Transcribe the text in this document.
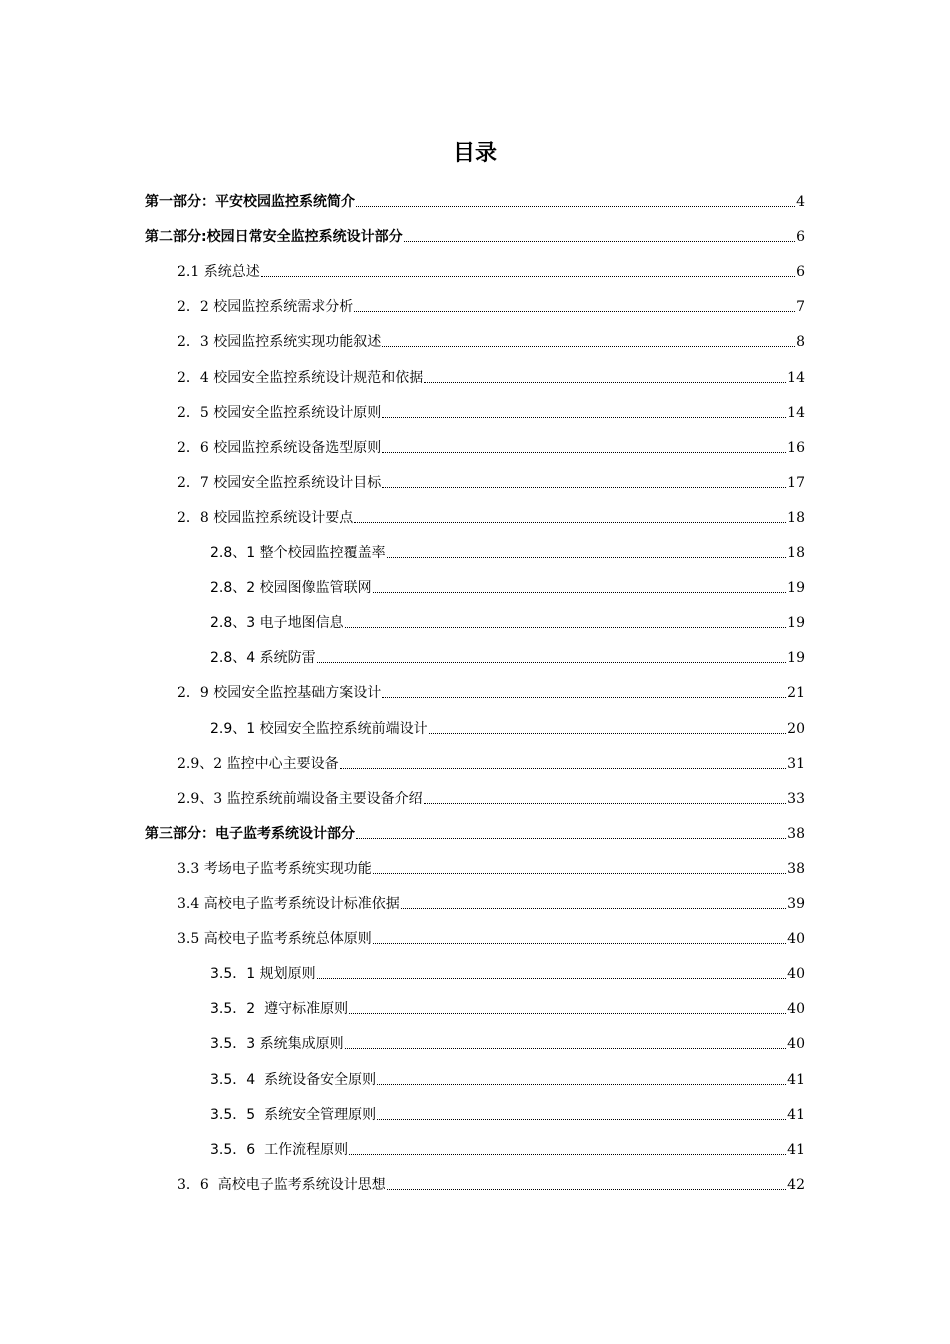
目录
第一部分： 平安校园监控系统简介	4
第二部分: 校园日常安全监控系统设计部分	6
2.1 系统总述	6
2．2 校园监控系统需求分析	7
2．3 校园监控系统实现功能叙述	8
2．4 校园安全监控系统设计规范和依据	14
2．5 校园安全监控系统设计原则	14
2．6 校园监控系统设备选型原则	16
2．7 校园安全监控系统设计目标	17
2．8 校园监控系统设计要点	18
2.8、1 整个校园监控覆盖率	18
2.8、2 校园图像监管联网	19
2.8、3 电子地图信息	19
2.8、4 系统防雷	19
2．9 校园安全监控基础方案设计	21
2.9、1 校园安全监控系统前端设计	20
2.9、2 监控中心主要设备	31
2.9、3 监控系统前端设备主要设备介绍	33
第三部分： 电子监考系统设计部分	38
3.3 考场电子监考系统实现功能	38
3.4 高校电子监考系统设计标准依据	39
3.5 高校电子监考系统总体原则	40
3.5．1 规划原则	40
3.5．2 遵守标准原则	40
3.5．3 系统集成原则	40
3.5．4 系统设备安全原则	41
3.5．5 系统安全管理原则	41
3.5．6 工作流程原则	41
3．6 高校电子监考系统设计思想	42
